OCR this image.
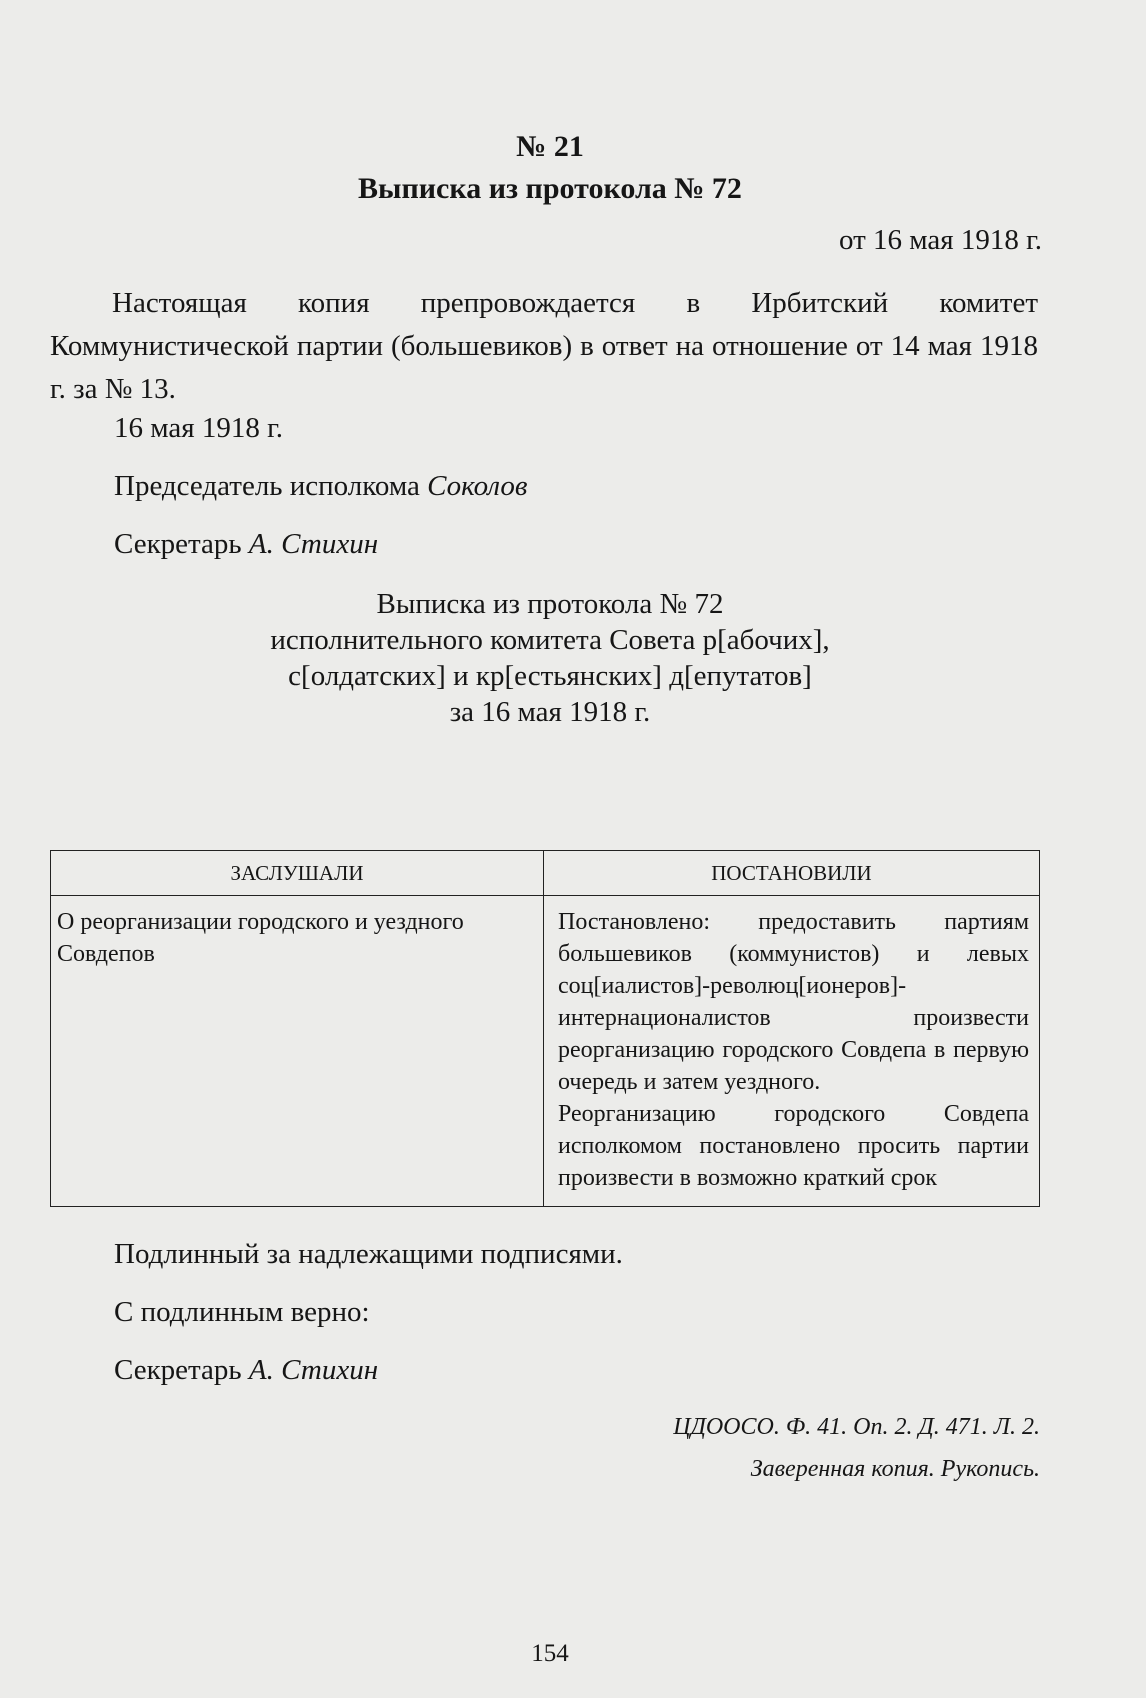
№ 21
Выписка из протокола № 72
от 16 мая 1918 г.
Настоящая копия препровождается в Ирбитский комитет Коммунистической партии (большевиков) в ответ на отношение от 14 мая 1918 г. за № 13.
16 мая 1918 г.
Председатель исполкома Соколов
Секретарь А. Стихин
Выписка из протокола № 72
исполнительного комитета Совета р[абочих],
с[олдатских] и кр[естьянских] д[епутатов]
за 16 мая 1918 г.
ЗАСЛУШАЛИ	ПОСТАНОВИЛИ
О реорганизации городского и уездного Совдепов	Постановлено: предоставить партиям большевиков (коммунистов) и левых соц[иалистов]-революц[ионеров]-интернационалистов произвести реорганизацию городского Совдепа в первую очередь и затем уездного.

Реорганизацию городского Совдепа исполкомом постановлено просить партии произвести в возможно краткий срок

Подлинный за надлежащими подписями.
С подлинным верно:
Секретарь А. Стихин
ЦДООСО. Ф. 41. Оп. 2. Д. 471. Л. 2.
Заверенная копия. Рукопись.
154
